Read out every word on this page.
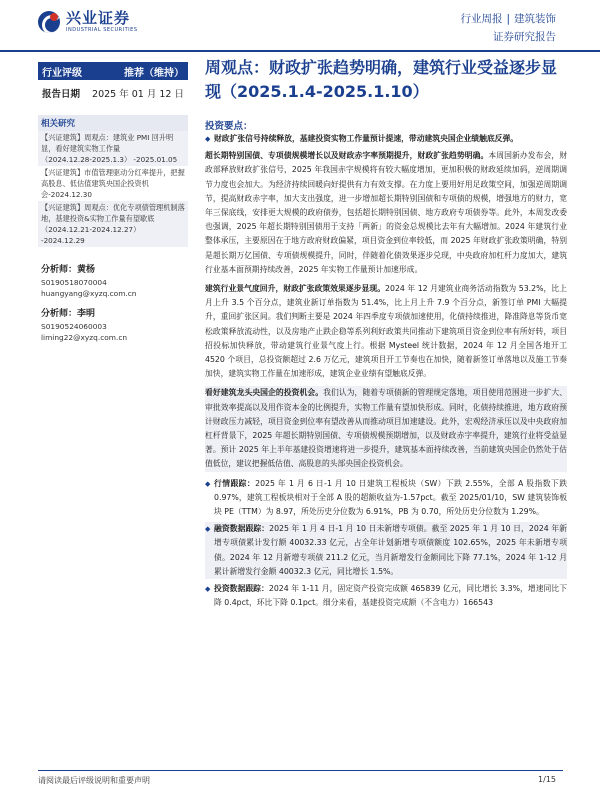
兴业证券
INDUSTRIAL SECURITIES
行业周报 | 建筑装饰
证券研究报告
行业评级	推荐（维持）
报告日期 2025 年 01 月 12 日
相关研究
【兴证建筑】周观点：建筑业 PMI 回升明显，看好建筑实物工作量
（2024.12.28-2025.1.3） -2025.01.05
【兴证建筑】市值管理驱动分红率提升，把握高股息、低估值建筑央国企投资机会-2024.12.30
【兴证建筑】周观点：优化专项债管理机制落地，基建投资&实物工作量有望歇底（2024.12.21-2024.12.27） -2024.12.29
分析师：黄杨
S0190518070004
huangyang@xyzq.com.cn
分析师：李明
S0190524060003
liming22@xyzq.com.cn
周观点：财政扩张趋势明确，建筑行业受益逐步显现（2025.1.4-2025.1.10）
投资要点：
◆ 财政扩张信号持续释放，基建投资实物工作量预计提速，带动建筑央国企业绩触底反弹。
超长期特别国债、专项债规模增长以及财政赤字率预期提升，财政扩张趋势明确。本周国新办发布会，财政部释放财政扩张信号，2025 年我国赤字规模将有较大幅度增加，更加积极的财政延续加码，逆周期调节力度也会加大。为经济持续回暖向好提供有力有效支撑。在力度上要用好用足政策空间，加强逆周期调节，提高财政赤字率，加大支出强度，进一步增加超长期特别国债和专项债的规模，增强地方的财力，宽年三保底线，安排更大规模的政府债券，包括超长期特别国债、地方政府专项债券等。此外，本周发改委也强调，2025 年超长期特别国债用于支持「两新」的资金总规模比去年有大幅增加。2024 年建筑行业整体承压，主要原因在于地方政府财政偏紧，项目资金到位率较低，而 2025 年财政扩张政策明确，特别是超长期万亿国债、专项债规模提升，同时，伴随着化债效果逐步兑现，中央政府加杠杆力度加大，建筑行业基本面预期持续改善，2025 年实物工作量预计加速形成。
建筑行业景气度回升，财政扩张政策效果逐步显现。2024 年 12 月建筑业商务活动指数为 53.2%，比上月上升 3.5 个百分点，建筑业新订单指数为 51.4%，比上月上升 7.9 个百分点，新签订单 PMI 大幅提升，重回扩张区间。我们判断主要是 2024 年四季度专项债加速使用，化债持续推进，降准降息等货币宽松政策释放流动性，以及房地产止跌企稳等系列利好政策共同推动下建筑项目资金到位率有所好转，项目招投标加快释放，带动建筑行业景气度上行。根据 Mysteel 统计数据，2024 年 12 月全国各地开工 4520 个项目，总投资额超过 2.6 万亿元，建筑项目开工节奏也在加快，随着新签订单落地以及施工节奏加快，建筑实物工作量在加速形成，建筑企业业绩有望触底反弹。
看好建筑龙头央国企的投资机会。我们认为，随着专项债新的管理规定落地，项目使用范围进一步扩大、审批效率提高以及用作资本金的比例提升，实物工作量有望加快形成。同时，化债持续推进，地方政府预计财政压力减轻，项目资金到位率有望改善从而推动项目加速建设。此外，宏观经济承压以及中央政府加杠杆背景下，2025 年超长期特别国债、专项债规模预期增加，以及财政赤字率提升，建筑行业将受益显著。预计 2025 年上半年基建投资增速将进一步提升，建筑基本面持续改善，当前建筑央国企仍然处于估值低位，建议把握低估值、高股息的头部央国企投资机会。
◆ 行情跟踪：2025 年 1 月 6 日-1 月 10 日建筑工程板块（SW）下跌 2.55%，全部 A 股指数下跌 0.97%，建筑工程板块相对于全部 A 股的超额收益为-1.57pct。截至 2025/01/10，SW 建筑装饰板块 PE（TTM）为 8.97，所处历史分位数为 6.91%，PB 为 0.70，所处历史分位数为 1.29%。
◆ 融资数据跟踪：2025 年 1 月 4 日-1 月 10 日未新增专项债。截至 2025 年 1 月 10 日，2024 年新增专项债累计发行额 40032.33 亿元，占全年计划新增专项债额度 102.65%，2025 年未新增专项债。2024 年 12 月新增专项债 211.2 亿元，当月新增发行金额同比下降 77.1%，2024 年 1-12 月累计新增发行金额 40032.3 亿元，同比增长 1.5%。
◆ 投资数据跟踪：2024 年 1-11 月，固定资产投资完成额 465839 亿元，同比增长 3.3%，增速同比下降 0.4pct，环比下降 0.1pct。细分来看，基建投资完成额（不含电力）166543
请阅读最后评级说明和重要声明	1/15
